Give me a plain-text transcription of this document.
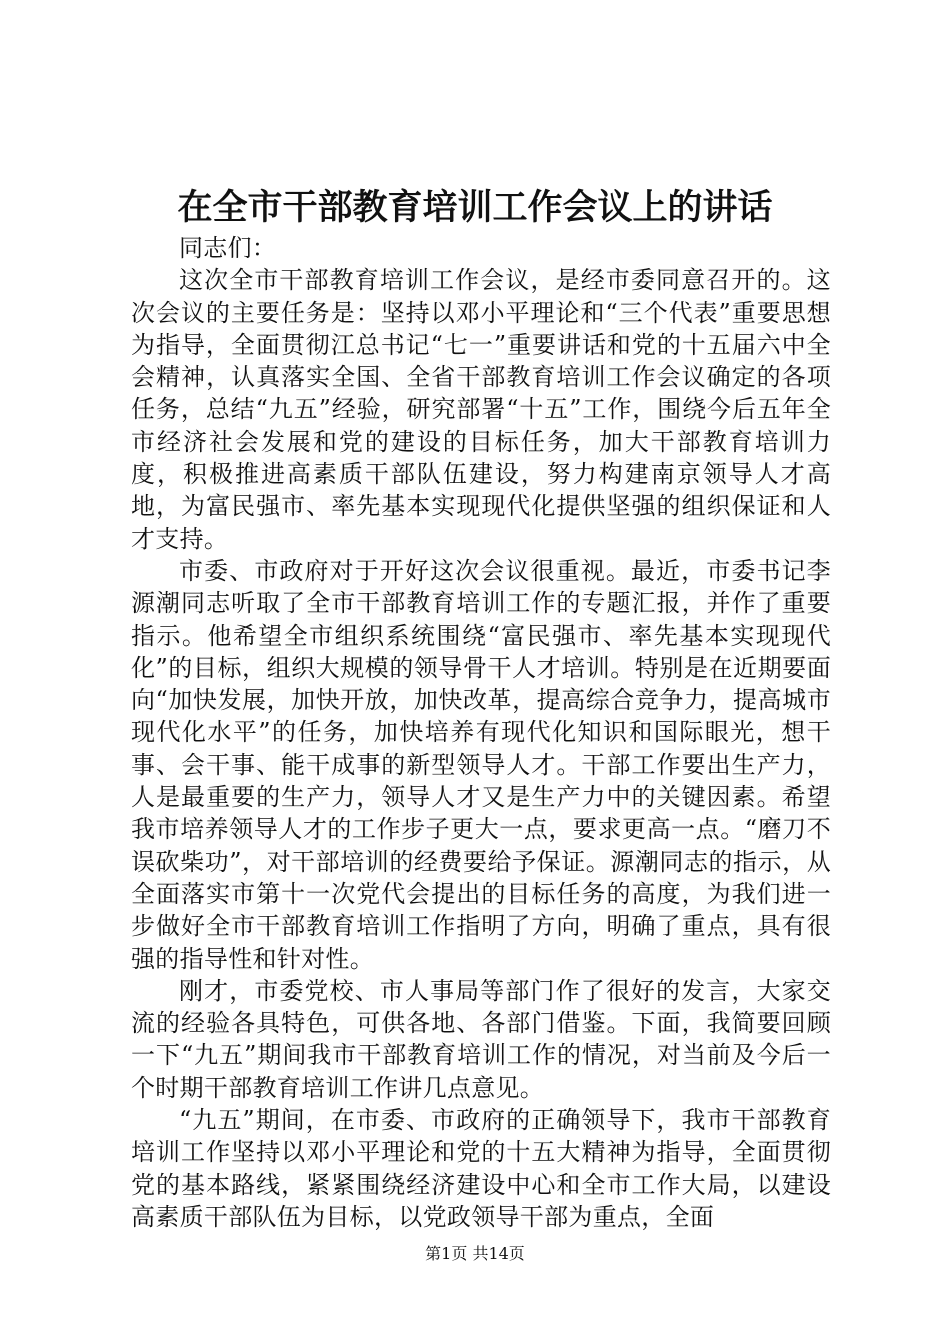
在全市干部教育培训工作会议上的讲话

同志们：

这次全市干部教育培训工作会议，是经市委同意召开的。这次会议的主要任务是：坚持以邓小平理论和“三个代表”重要思想为指导，全面贯彻江总书记“七一”重要讲话和党的十五届六中全会精神，认真落实全国、全省干部教育培训工作会议确定的各项任务，总结“九五”经验，研究部署“十五”工作，围绕今后五年全市经济社会发展和党的建设的目标任务，加大干部教育培训力度，积极推进高素质干部队伍建设，努力构建南京领导人才高地，为富民强市、率先基本实现现代化提供坚强的组织保证和人才支持。

市委、市政府对于开好这次会议很重视。最近，市委书记李源潮同志听取了全市干部教育培训工作的专题汇报，并作了重要指示。他希望全市组织系统围绕“富民强市、率先基本实现现代化”的目标，组织大规模的领导骨干人才培训。特别是在近期要面向“加快发展，加快开放，加快改革，提高综合竞争力，提高城市现代化水平”的任务，加快培养有现代化知识和国际眼光，想干事、会干事、能干成事的新型领导人才。干部工作要出生产力，人是最重要的生产力，领导人才又是生产力中的关键因素。希望我市培养领导人才的工作步子更大一点，要求更高一点。“磨刀不误砍柴功”，对干部培训的经费要给予保证。源潮同志的指示，从全面落实市第十一次党代会提出的目标任务的高度，为我们进一步做好全市干部教育培训工作指明了方向，明确了重点，具有很强的指导性和针对性。

刚才，市委党校、市人事局等部门作了很好的发言，大家交流的经验各具特色，可供各地、各部门借鉴。下面，我简要回顾一下“九五”期间我市干部教育培训工作的情况，对当前及今后一个时期干部教育培训工作讲几点意见。

“九五”期间，在市委、市政府的正确领导下，我市干部教育培训工作坚持以邓小平理论和党的十五大精神为指导，全面贯彻党的基本路线，紧紧围绕经济建设中心和全市工作大局，以建设高素质干部队伍为目标，以党政领导干部为重点，全面

第1页 共14页
